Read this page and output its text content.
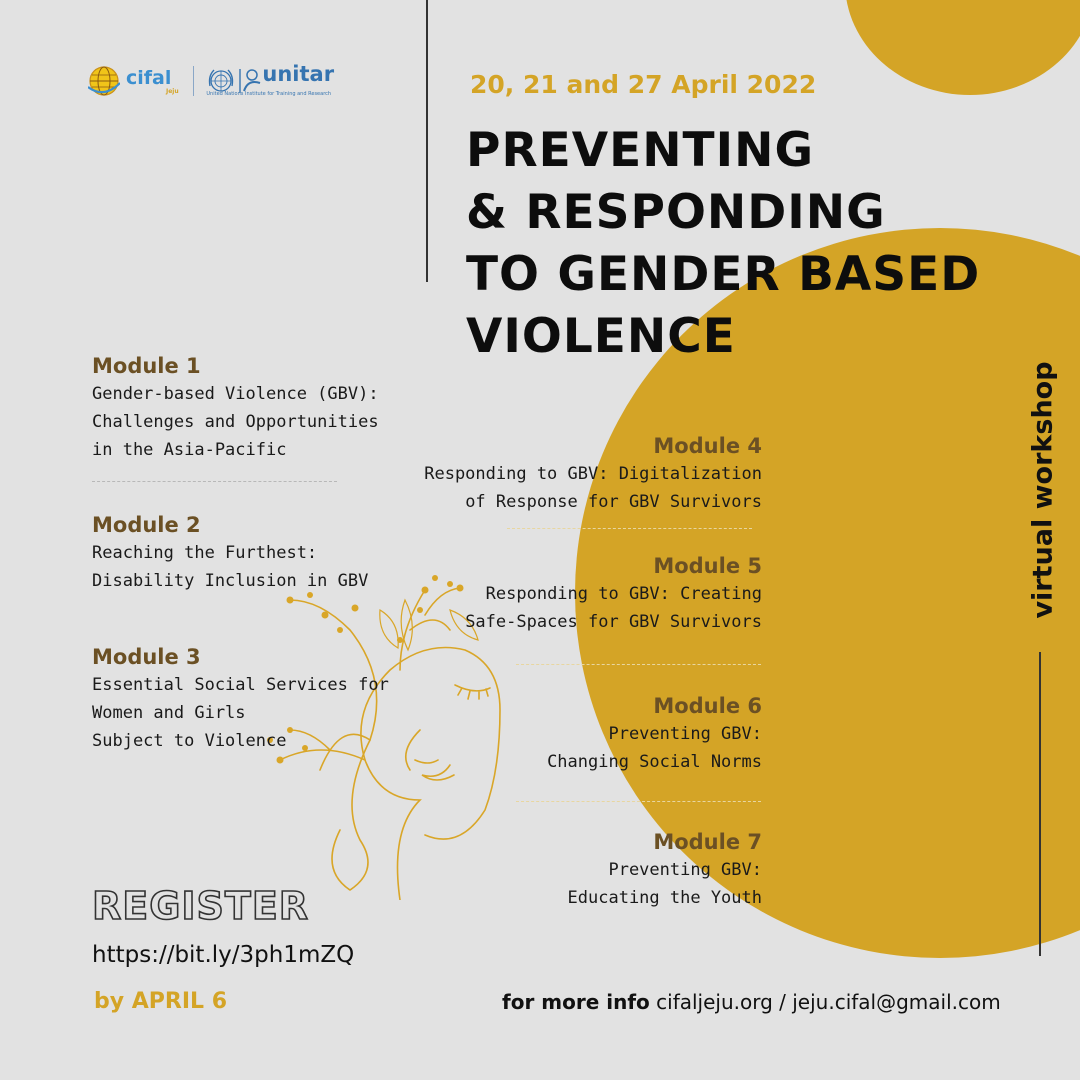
cifal
Jeju
unitar
United Nations Institute for Training and Research	20, 21 and 27 April 2022
PREVENTING
& RESPONDING
TO GENDER BASED
VIOLENCE
Module 1
Gender-based Violence (GBV):
Challenges and Opportunities
in the Asia-Pacific
Module 2
Reaching the Furthest:
Disability Inclusion in GBV
Module 3
Essential Social Services for
Women and Girls
Subject to Violence
Module 4
Responding to GBV: Digitalization
of Response for GBV Survivors
Module 5
Responding to GBV: Creating
Safe-Spaces for GBV Survivors
Module 6
Preventing GBV:
Changing Social Norms
Module 7
Preventing GBV:
Educating the Youth
virtual workshop
REGISTER
https://bit.ly/3ph1mZQ
by APRIL 6	for more info cifaljeju.org / jeju.cifal@gmail.com
